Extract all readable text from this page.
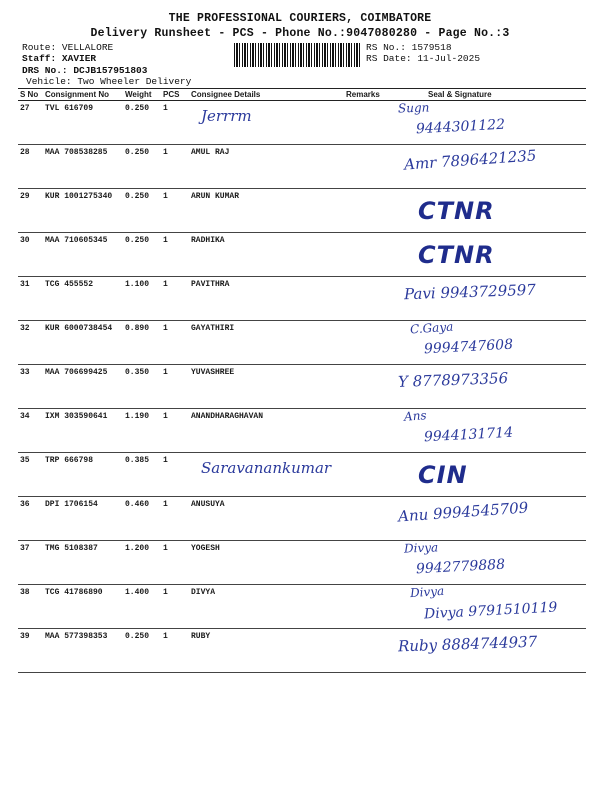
THE PROFESSIONAL COURIERS, COIMBATORE
Delivery Runsheet - PCS - Phone No.:9047080280 - Page No.:3
Route: VELLALORE
Staff: XAVIER
DRS No.: DCJB157951803
Vehicle: Two Wheeler Delivery
RS No.: 1579518
RS Date: 11-Jul-2025
S No	Consignment No	Weight	PCS	Consignee Details	Remarks	Seal & Signature
27	TVL 616709	0.250	1	Jerrrm		Sugn
9444301122

28	MAA 708538285	0.250	1	AMUL RAJ		Amr 7896421235

29	KUR 1001275340	0.250	1	ARUN KUMAR		CTNR

30	MAA 710605345	0.250	1	RADHIKA		CTNR

31	TCG 455552	1.100	1	PAVITHRA		Pavi 9943729597

32	KUR 6000738454	0.890	1	GAYATHIRI		C.Gaya
9994747608

33	MAA 706699425	0.350	1	YUVASHREE		Y 8778973356

34	IXM 303590641	1.190	1	ANANDHARAGHAVAN		Ans
9944131714

35	TRP 666798	0.385	1	Saravanankumar		CIN

36	DPI 1706154	0.460	1	ANUSUYA		Anu 9994545709

37	TMG 5108387	1.200	1	YOGESH		Divya
9942779888

38	TCG 41786890	1.400	1	DIVYA		Divya
Divya 9791510119

39	MAA 577398353	0.250	1	RUBY		Ruby 8884744937
